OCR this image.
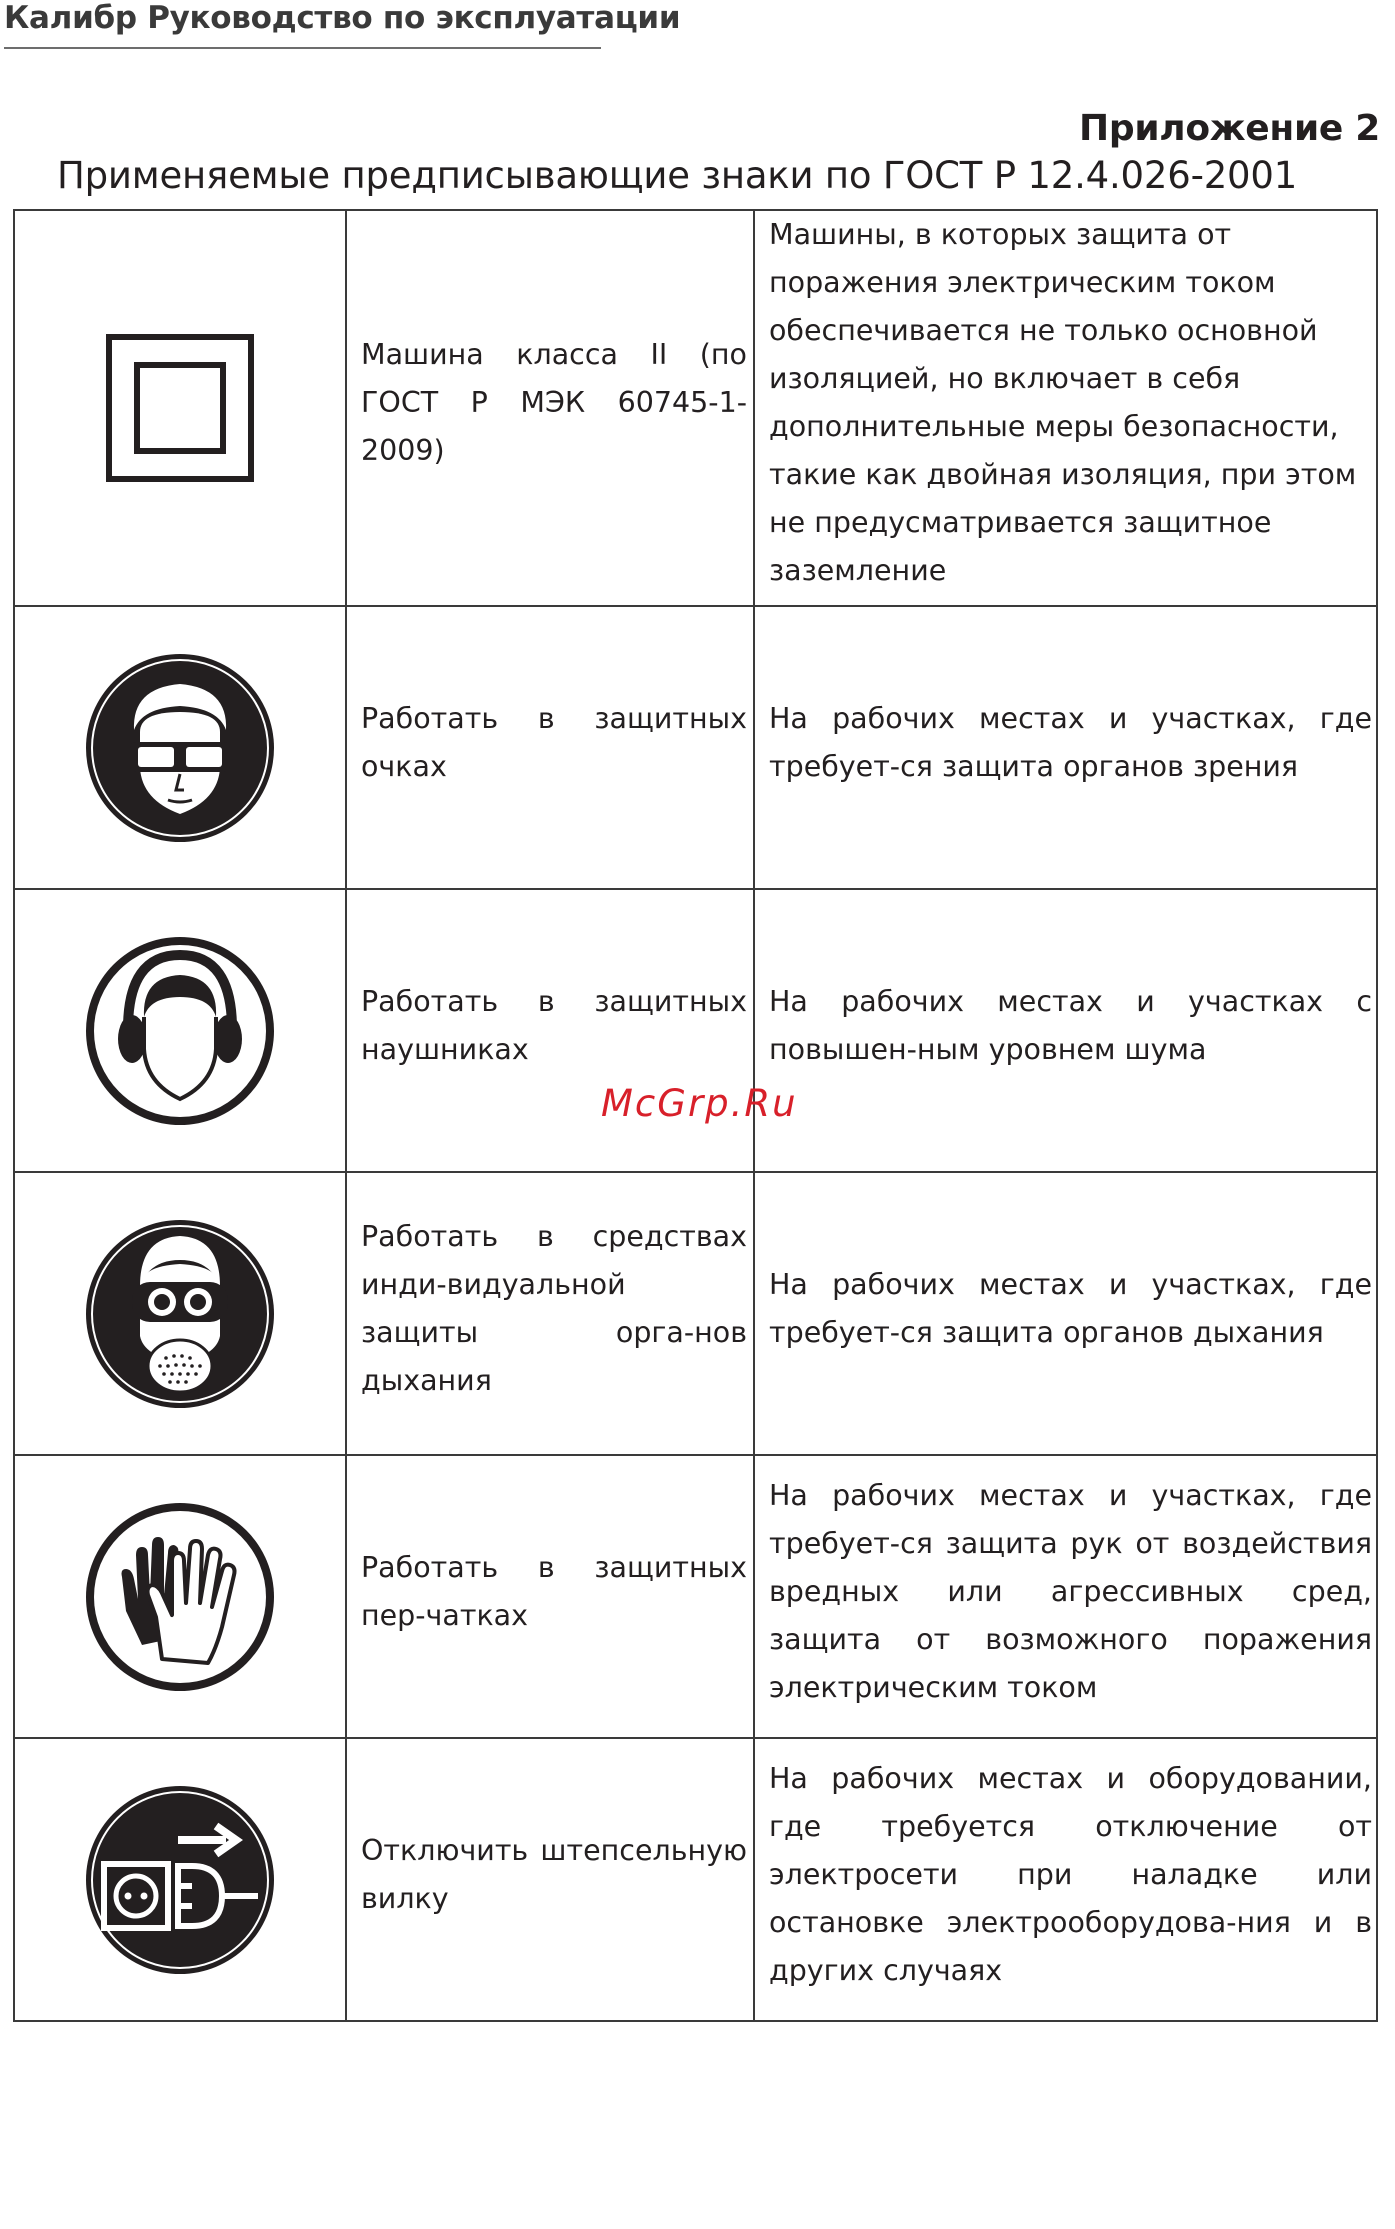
Калибр Руководство по эксплуатации
Приложение 2
Применяемые предписывающие знаки по ГОСТ Р 12.4.026-2001

Машина класса II (по ГОСТ Р МЭК 60745-1-2009)	Машины, в которых защита от поражения электрическим током обеспечивается не только основной изоляцией, но включает в себя дополнительные меры безопасности, такие как двойная изоляция, при этом не предусматривается защитное заземление

Работать в защитных очках	На рабочих местах и участках, где требует-ся защита органов зрения

Работать в защитных наушниках	На рабочих местах и участках с повышен-ным уровнем шума

Работать в средствах инди-видуальной защиты орга-нов дыхания	На рабочих местах и участках, где требует-ся защита органов дыхания

Работать в защитных пер-чатках	На рабочих местах и участках, где требует-ся защита рук от воздействия вредных или агрессивных сред, защита от возможного поражения электрическим током

Отключить штепсельную вилку	На рабочих местах и оборудовании, где требуется отключение от электросети при наладке или остановке электрооборудова-ния и в других случаях
McGrp.Ru
